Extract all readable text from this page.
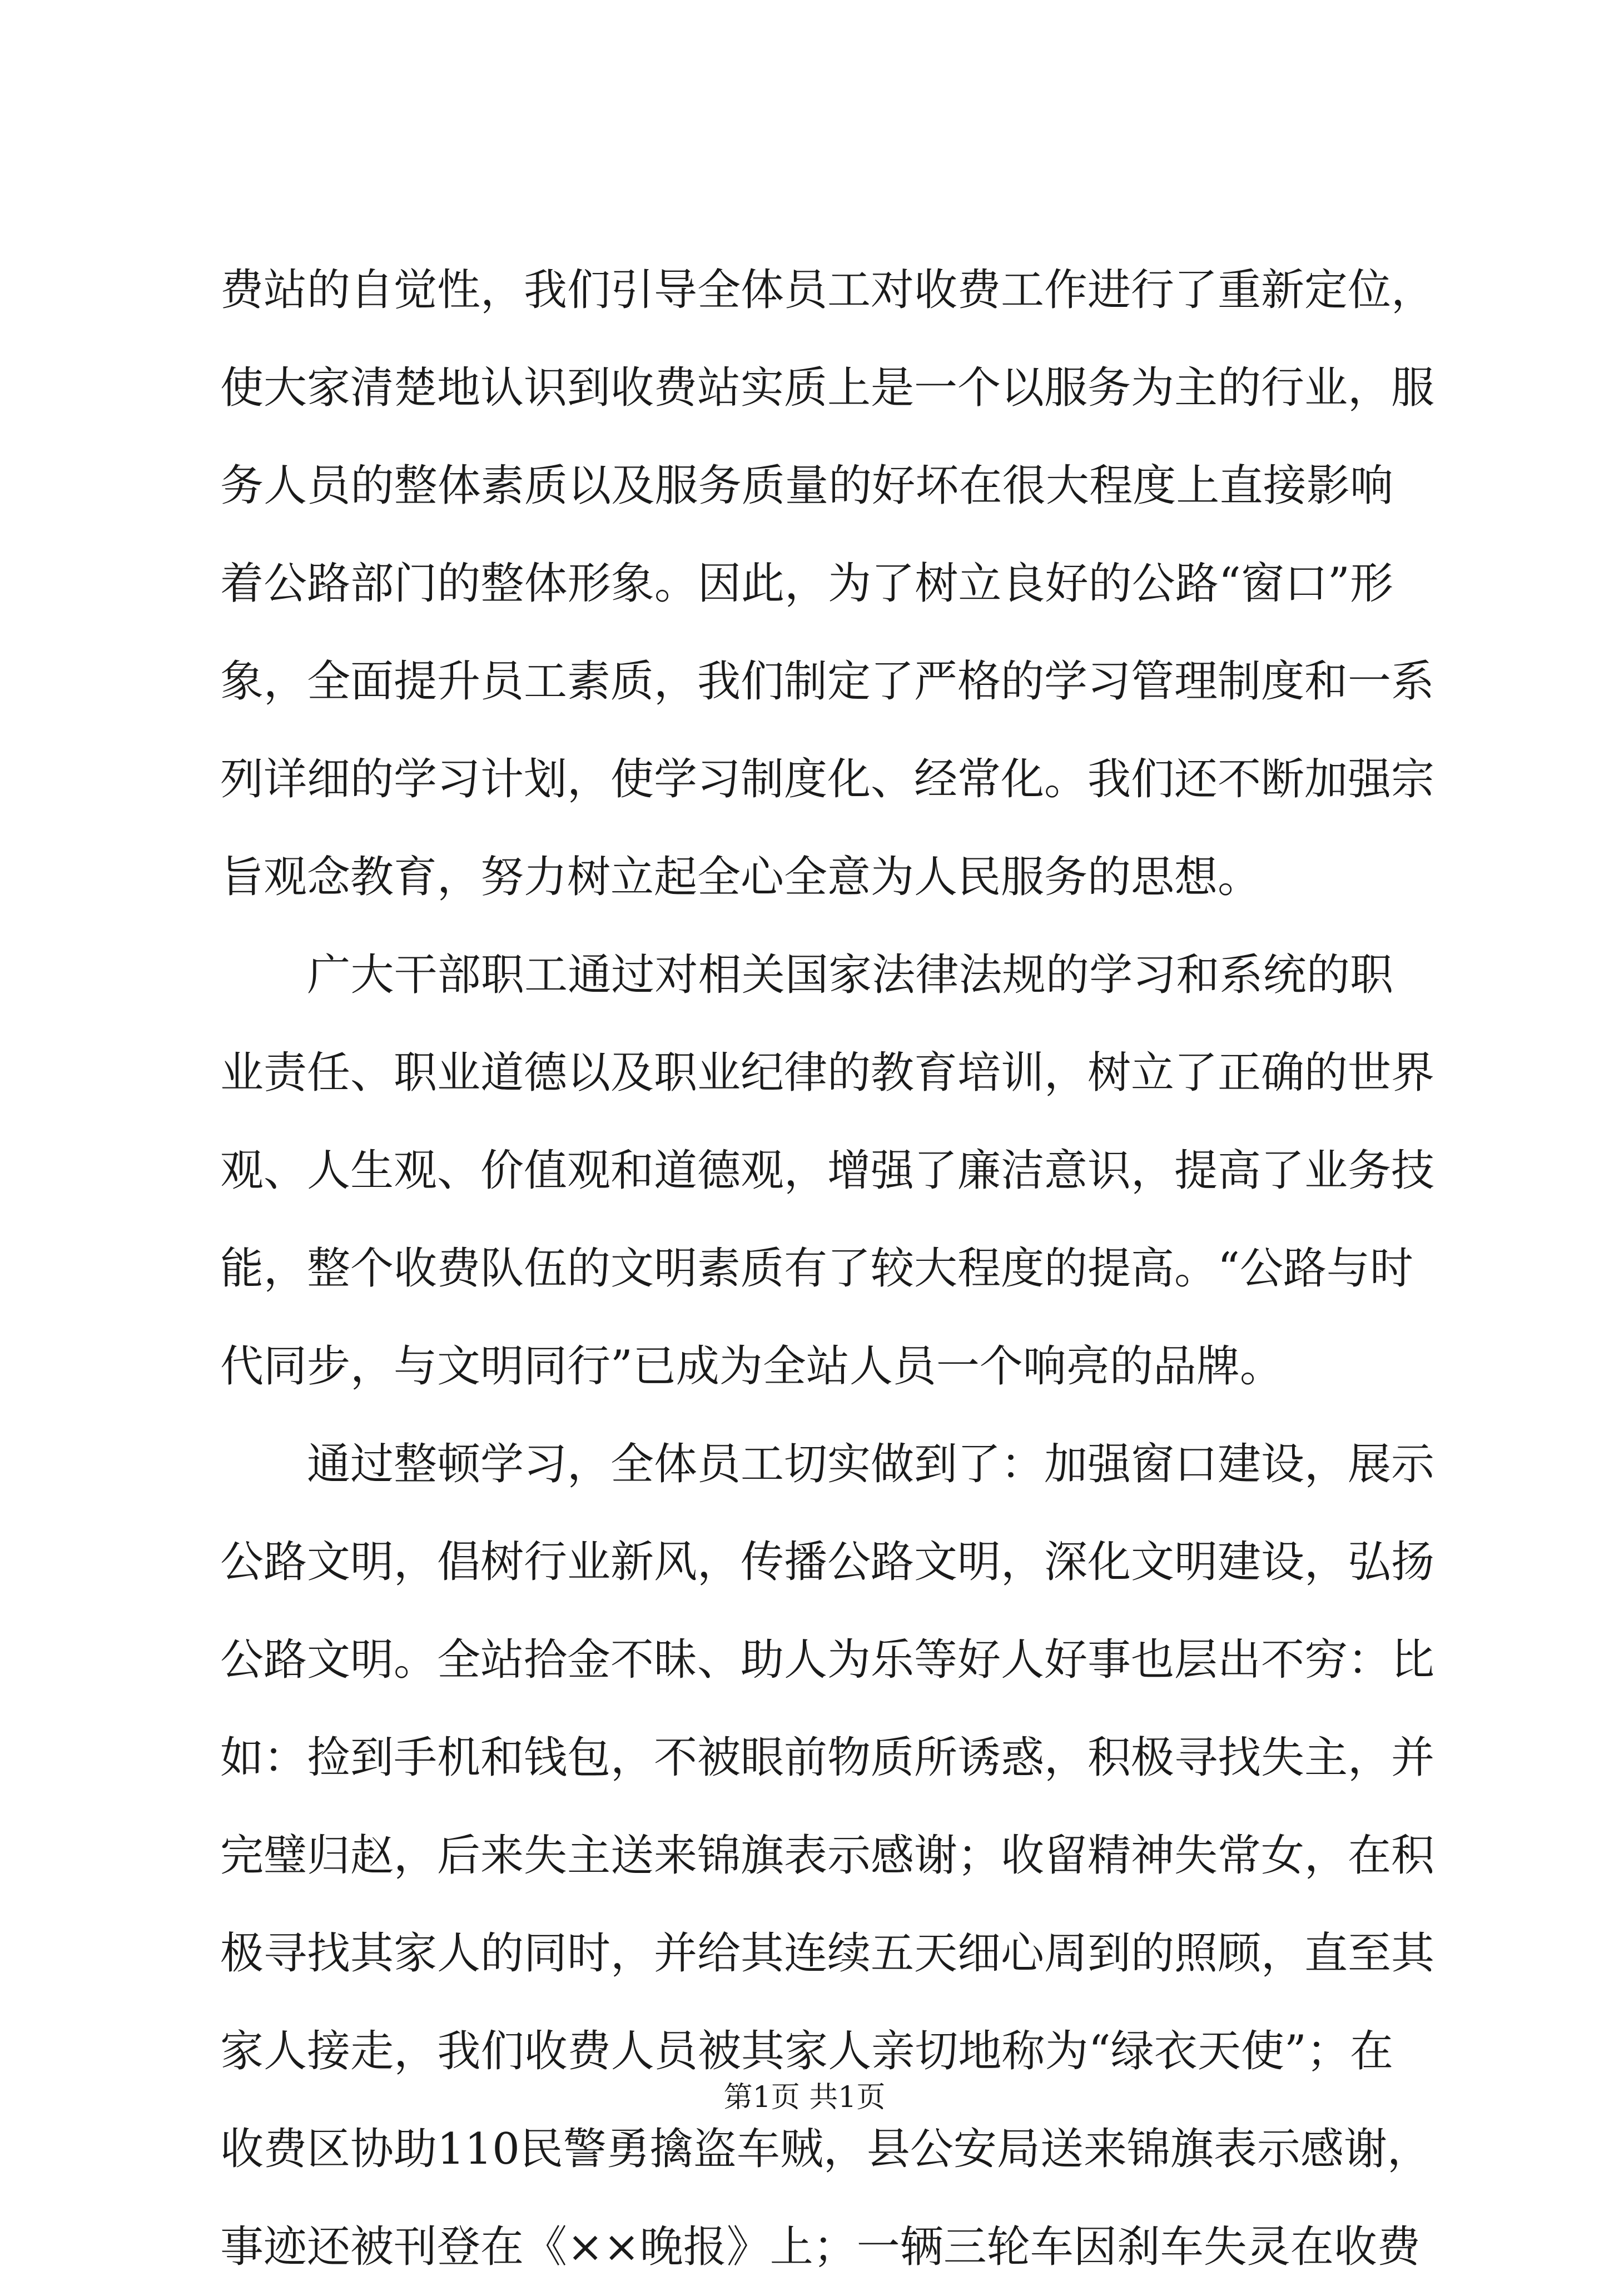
费站的自觉性，我们引导全体员工对收费工作进行了重新定位，
使大家清楚地认识到收费站实质上是一个以服务为主的行业，服
务人员的整体素质以及服务质量的好坏在很大程度上直接影响
着公路部门的整体形象。因此，为了树立良好的公路“窗口”形
象，全面提升员工素质，我们制定了严格的学习管理制度和一系
列详细的学习计划，使学习制度化、经常化。我们还不断加强宗
旨观念教育，努力树立起全心全意为人民服务的思想。
　　广大干部职工通过对相关国家法律法规的学习和系统的职
业责任、职业道德以及职业纪律的教育培训，树立了正确的世界
观、人生观、价值观和道德观，增强了廉洁意识，提高了业务技
能，整个收费队伍的文明素质有了较大程度的提高。“公路与时
代同步，与文明同行”已成为全站人员一个响亮的品牌。
　　通过整顿学习，全体员工切实做到了：加强窗口建设，展示
公路文明，倡树行业新风，传播公路文明，深化文明建设，弘扬
公路文明。全站拾金不昧、助人为乐等好人好事也层出不穷：比
如：捡到手机和钱包，不被眼前物质所诱惑，积极寻找失主，并
完璧归赵，后来失主送来锦旗表示感谢；收留精神失常女，在积
极寻找其家人的同时，并给其连续五天细心周到的照顾，直至其
家人接走，我们收费人员被其家人亲切地称为“绿衣天使”；在
收费区协助110民警勇擒盗车贼，县公安局送来锦旗表示感谢，
事迹还被刊登在《××晚报》上；一辆三轮车因刹车失灵在收费
第1页 共1页
